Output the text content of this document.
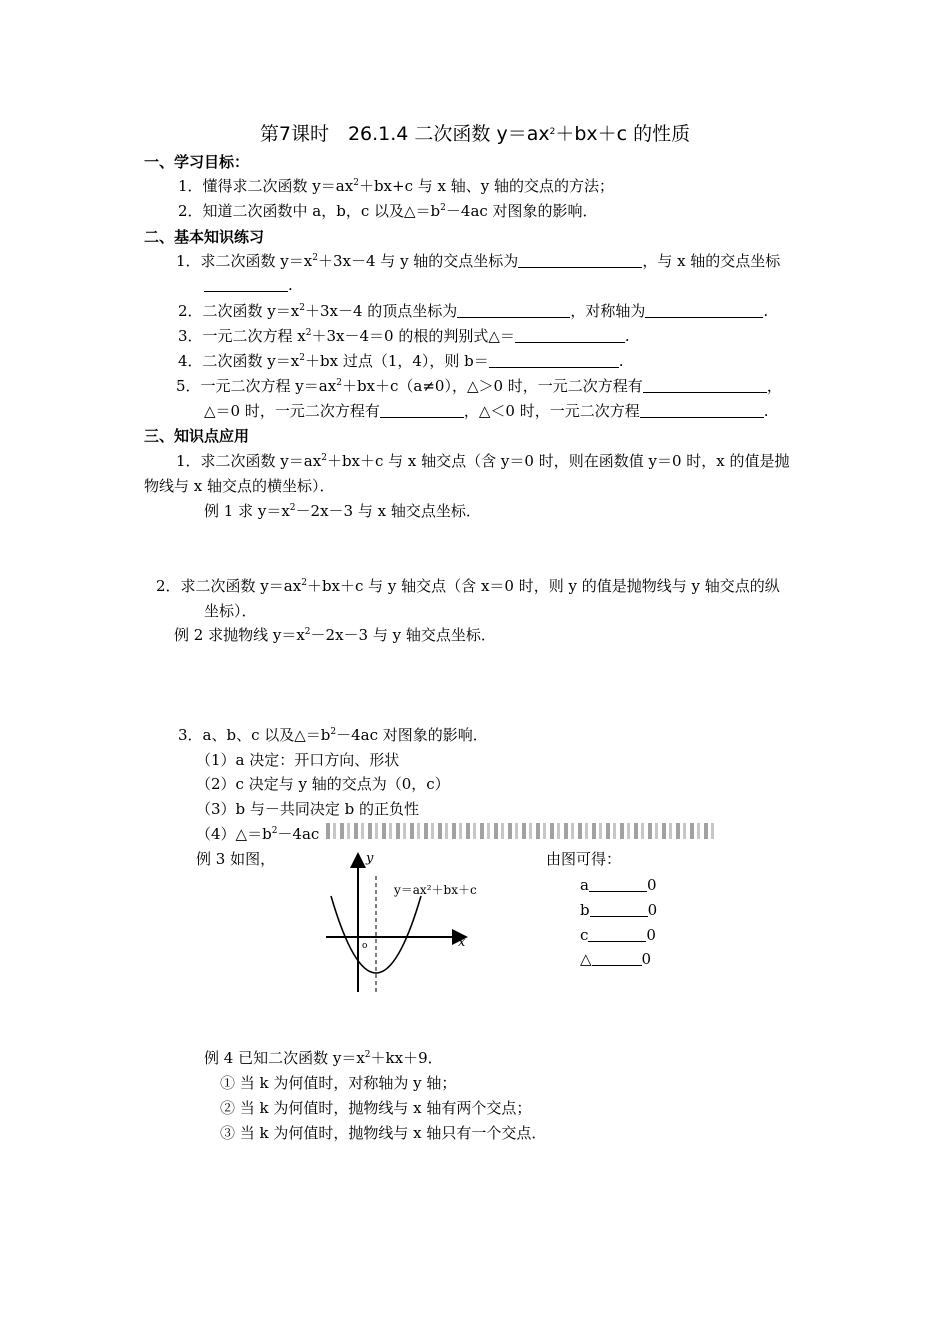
第7课时　26.1.4 二次函数 $y=ax^2+bx+c$ 的性质
一、学习目标：
1．懂得求二次函数 $y=ax^2+bx+c$ 与 x 轴、y 轴的交点的方法；
2．知道二次函数中 a，b，c 以及$\triangle=b^2-4ac$ 对图象的影响．
二、基本知识练习
1．求二次函数 $y=x^2+3x-4$ 与 y 轴的交点坐标为	，与 x 轴的交点坐标
.
2．二次函数 $y=x^2+3x-4$ 的顶点坐标为	，对称轴为	.
3．一元二次方程 $x^2+3x-4=0$ 的根的判别式△＝	.
4．二次函数 $y=x^2+bx$ 过点（1，4），则 b＝	.
5．一元二次方程 $y=ax^2+bx+c(a\ne 0)$，△＞0 时，一元二次方程有	，
△＝0 时，一元二次方程有	，△＜0 时，一元二次方程	.
三、知识点应用
1．求二次函数 $y=ax^2+bx+c$ 与 x 轴交点（含 y＝0 时，则在函数值 y＝0 时，x 的值是抛
物线与 x 轴交点的横坐标）．
例 1 求 $y=x^2-2x-3$ 与 x 轴交点坐标．
2．求二次函数 $y=ax^2+bx+c$ 与 y 轴交点（含 x＝0 时，则 y 的值是抛物线与 y 轴交点的纵
坐标）．
例 2 求抛物线 $y=x^2-2x-3$ 与 y 轴交点坐标．
3．a、b、c 以及$\triangle=b^2-4ac$ 对图象的影响．
（1）a 决定：开口方向、形状
（2）c 决定与 y 轴的交点为（0，c）
（3）b 与－共同决定 b 的正负性
$(4)\triangle=b^2-4ac$
例 3 如图，	由图可得：
y
x
o
y＝ax²＋bx＋c	a	0
b	0
c	0
△	0
例 4 已知二次函数 $y=x^2+kx+9$．
① 当 k 为何值时，对称轴为 y 轴；
② 当 k 为何值时，抛物线与 x 轴有两个交点；
③ 当 k 为何值时，抛物线与 x 轴只有一个交点．
